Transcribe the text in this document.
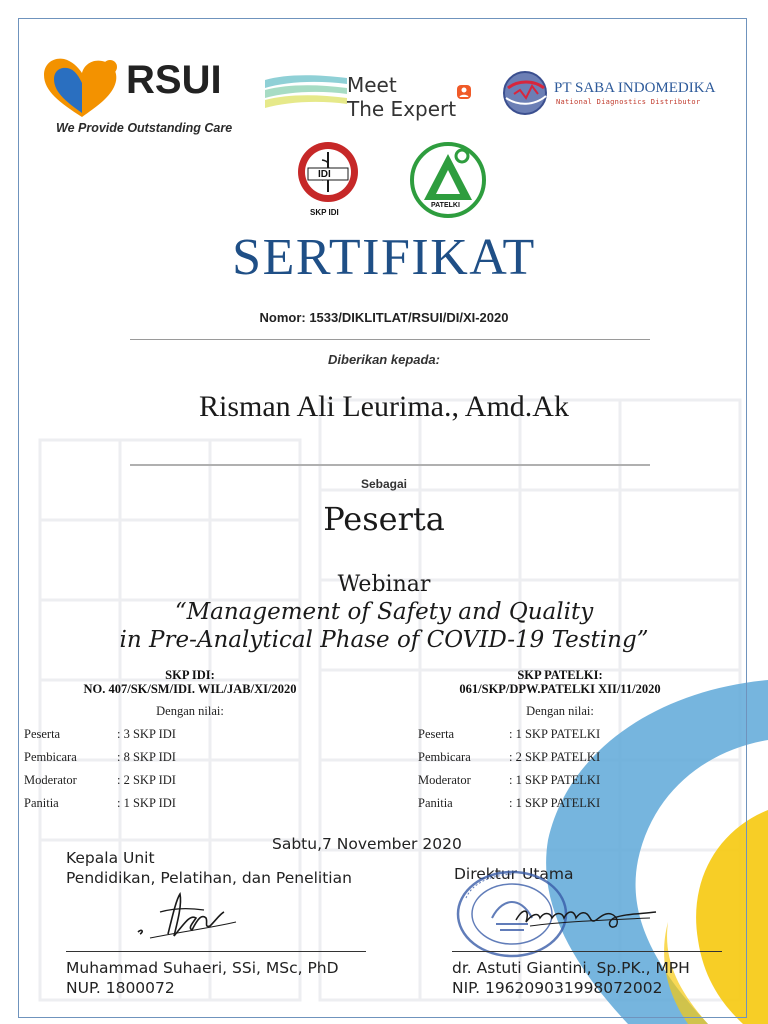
RSUI
We Provide Outstanding Care
Meet
The Expert
PT SABA INDOMEDIKA
National Diagnostics Distributor
IDI
SKP IDI
PATELKI
SERTIFIKAT
Nomor: 1533/DIKLITLAT/RSUI/DI/XI-2020
Diberikan kepada:
Risman Ali Leurima., Amd.Ak
Sebagai
Peserta
Webinar
“Management of Safety and Quality
in Pre-Analytical Phase of COVID-19 Testing”
SKP IDI:
NO. 407/SK/SM/IDI. WIL/JAB/XI/2020
Dengan nilai:
Peserta	: 3 SKP IDI
Pembicara	: 8 SKP IDI
Moderator	: 2 SKP IDI
Panitia	: 1 SKP IDI
SKP PATELKI:
061/SKP/DPW.PATELKI XII/11/2020
Dengan nilai:
Peserta	: 1 SKP PATELKI
Pembicara	: 2 SKP PATELKI
Moderator	: 1 SKP PATELKI
Panitia	: 1 SKP PATELKI
Sabtu,7 November 2020
Kepala Unit
Pendidikan, Pelatihan, dan Penelitian
Muhammad Suhaeri, SSi, MSc, PhD
NUP. 1800072
Direktur Utama
dr. Astuti Giantini, Sp.PK., MPH
NIP. 196209031998072002
